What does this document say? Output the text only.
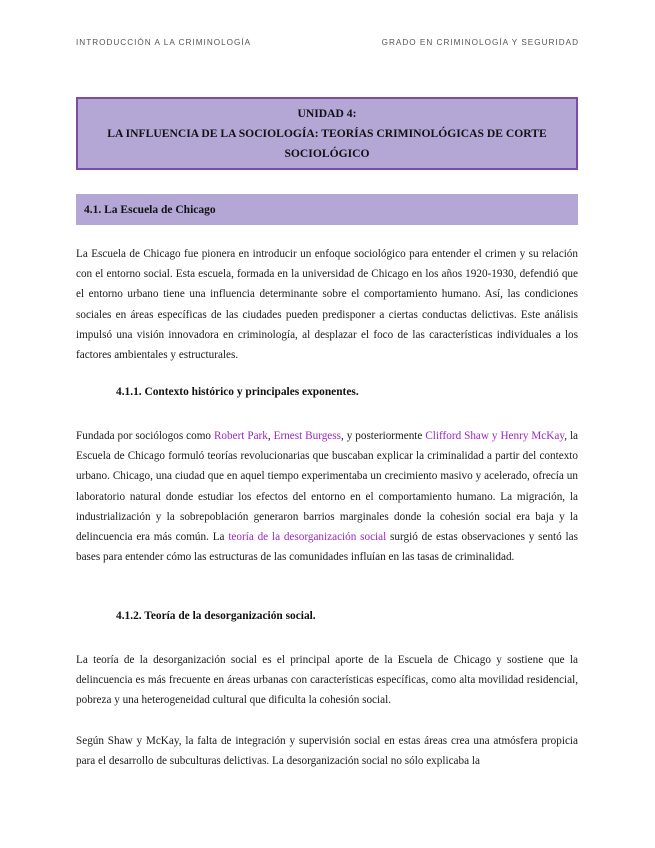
INTRODUCCIÓN A LA CRIMINOLOGÍA	GRADO EN CRIMINOLOGÍA Y SEGURIDAD
UNIDAD 4:
LA INFLUENCIA DE LA SOCIOLOGÍA: TEORÍAS CRIMINOLÓGICAS DE CORTE
SOCIOLÓGICO
4.1. La Escuela de Chicago

La Escuela de Chicago fue pionera en introducir un enfoque sociológico para entender el crimen y su relación con el entorno social. Esta escuela, formada en la universidad de Chicago en los años 1920-1930, defendió que el entorno urbano tiene una influencia determinante sobre el comportamiento humano. Así, las condiciones sociales en áreas específicas de las ciudades pueden predisponer a ciertas conductas delictivas. Este análisis impulsó una visión innovadora en criminología, al desplazar el foco de las características individuales a los factores ambientales y estructurales.

4.1.1. Contexto histórico y principales exponentes.

Fundada por sociólogos como Robert Park, Ernest Burgess, y posteriormente Clifford Shaw y Henry McKay, la Escuela de Chicago formuló teorías revolucionarias que buscaban explicar la criminalidad a partir del contexto urbano. Chicago, una ciudad que en aquel tiempo experimentaba un crecimiento masivo y acelerado, ofrecía un laboratorio natural donde estudiar los efectos del entorno en el comportamiento humano. La migración, la industrialización y la sobrepoblación generaron barrios marginales donde la cohesión social era baja y la delincuencia era más común. La teoría de la desorganización social surgió de estas observaciones y sentó las bases para entender cómo las estructuras de las comunidades influían en las tasas de criminalidad.

4.1.2. Teoría de la desorganización social.

La teoría de la desorganización social es el principal aporte de la Escuela de Chicago y sostiene que la delincuencia es más frecuente en áreas urbanas con características específicas, como alta movilidad residencial, pobreza y una heterogeneidad cultural que dificulta la cohesión social.

Según Shaw y McKay, la falta de integración y supervisión social en estas áreas crea una atmósfera propicia para el desarrollo de subculturas delictivas. La desorganización social no sólo explicaba la
